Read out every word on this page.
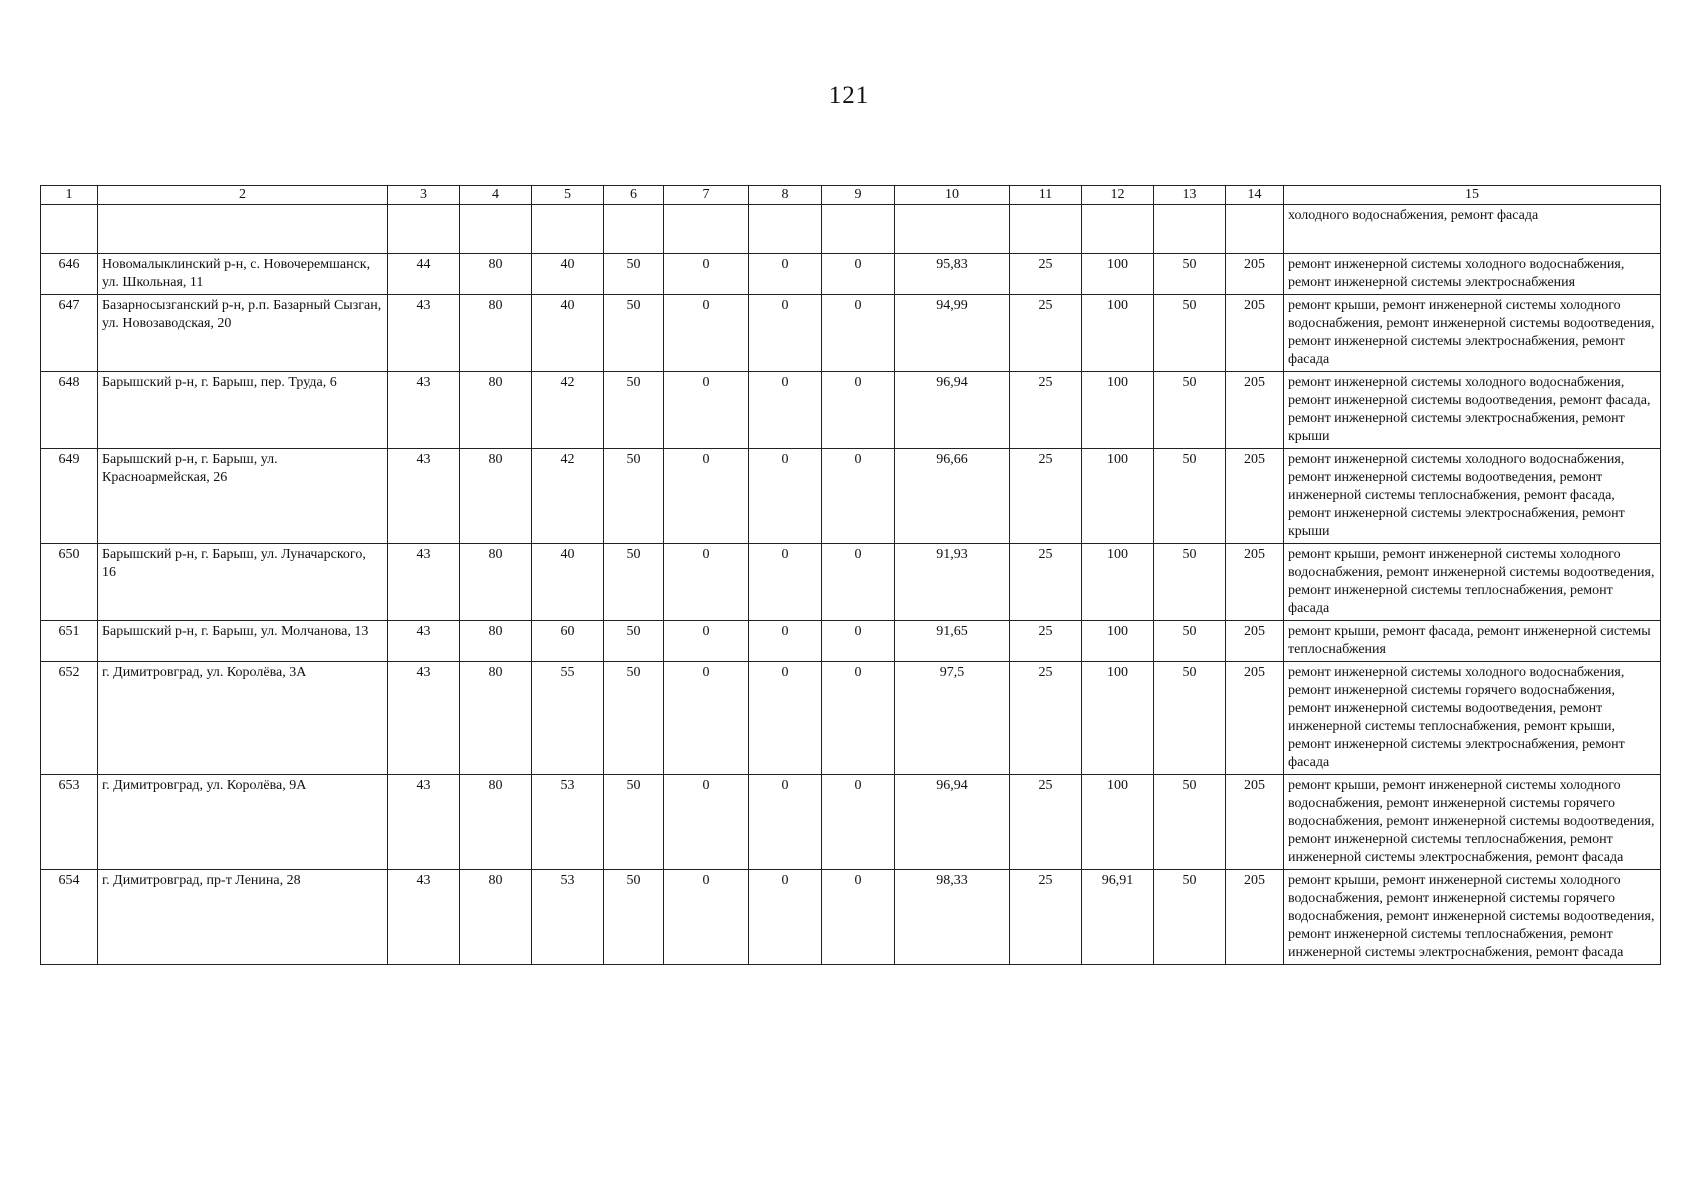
121
1	2	3	4	5	6	7	8	9	10	11	12	13	14	15
														холодного водоснабжения, ремонт фасада
646	Новомалыклинский р-н, с. Новочеремшанск, ул. Школьная, 11	44	80	40	50	0	0	0	95,83	25	100	50	205	ремонт инженерной системы холодного водоснабжения, ремонт инженерной системы электроснабжения
647	Базарносызганский р-н, р.п. Базарный Сызган, ул. Новозаводская, 20	43	80	40	50	0	0	0	94,99	25	100	50	205	ремонт крыши, ремонт инженерной системы холодного водоснабжения, ремонт инженерной системы водоотведения, ремонт инженерной системы электроснабжения, ремонт фасада
648	Барышский р-н, г. Барыш, пер. Труда, 6	43	80	42	50	0	0	0	96,94	25	100	50	205	ремонт инженерной системы холодного водоснабжения, ремонт инженерной системы водоотведения, ремонт фасада, ремонт инженерной системы электроснабжения, ремонт крыши
649	Барышский р-н, г. Барыш, ул. Красноармейская, 26	43	80	42	50	0	0	0	96,66	25	100	50	205	ремонт инженерной системы холодного водоснабжения, ремонт инженерной системы водоотведения, ремонт инженерной системы теплоснабжения, ремонт фасада, ремонт инженерной системы электроснабжения, ремонт крыши
650	Барышский р-н, г. Барыш, ул. Луначарского, 16	43	80	40	50	0	0	0	91,93	25	100	50	205	ремонт крыши, ремонт инженерной системы холодного водоснабжения, ремонт инженерной системы водоотведения, ремонт инженерной системы теплоснабжения, ремонт фасада
651	Барышский р-н, г. Барыш, ул. Молчанова, 13	43	80	60	50	0	0	0	91,65	25	100	50	205	ремонт крыши, ремонт фасада, ремонт инженерной системы теплоснабжения
652	г. Димитровград, ул. Королёва, 3А	43	80	55	50	0	0	0	97,5	25	100	50	205	ремонт инженерной системы холодного водоснабжения, ремонт инженерной системы горячего водоснабжения, ремонт инженерной системы водоотведения, ремонт инженерной системы теплоснабжения, ремонт крыши, ремонт инженерной системы электроснабжения, ремонт фасада
653	г. Димитровград, ул. Королёва, 9А	43	80	53	50	0	0	0	96,94	25	100	50	205	ремонт крыши, ремонт инженерной системы холодного водоснабжения, ремонт инженерной системы горячего водоснабжения, ремонт инженерной системы водоотведения, ремонт инженерной системы теплоснабжения, ремонт инженерной системы электроснабжения, ремонт фасада
654	г. Димитровград, пр-т Ленина, 28	43	80	53	50	0	0	0	98,33	25	96,91	50	205	ремонт крыши, ремонт инженерной системы холодного водоснабжения, ремонт инженерной системы горячего водоснабжения, ремонт инженерной системы водоотведения, ремонт инженерной системы теплоснабжения, ремонт инженерной системы электроснабжения, ремонт фасада
